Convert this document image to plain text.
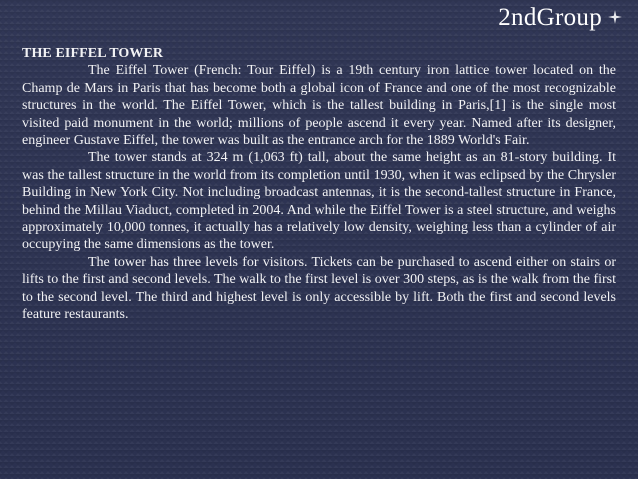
2ndGroup
THE EIFFEL TOWER

The Eiffel Tower (French: Tour Eiffel) is a 19th century iron lattice tower located on the Champ de Mars in Paris that has become both a global icon of France and one of the most recognizable structures in the world. The Eiffel Tower, which is the tallest building in Paris,[1] is the single most visited paid monument in the world; millions of people ascend it every year. Named after its designer, engineer Gustave Eiffel, the tower was built as the entrance arch for the 1889 World's Fair.

The tower stands at 324 m (1,063 ft) tall, about the same height as an 81-story building. It was the tallest structure in the world from its completion until 1930, when it was eclipsed by the Chrysler Building in New York City. Not including broadcast antennas, it is the second-tallest structure in France, behind the Millau Viaduct, completed in 2004. And while the Eiffel Tower is a steel structure, and weighs approximately 10,000 tonnes, it actually has a relatively low density, weighing less than a cylinder of air occupying the same dimensions as the tower.

The tower has three levels for visitors. Tickets can be purchased to ascend either on stairs or lifts to the first and second levels. The walk to the first level is over 300 steps, as is the walk from the first to the second level. The third and highest level is only accessible by lift. Both the first and second levels feature restaurants.
